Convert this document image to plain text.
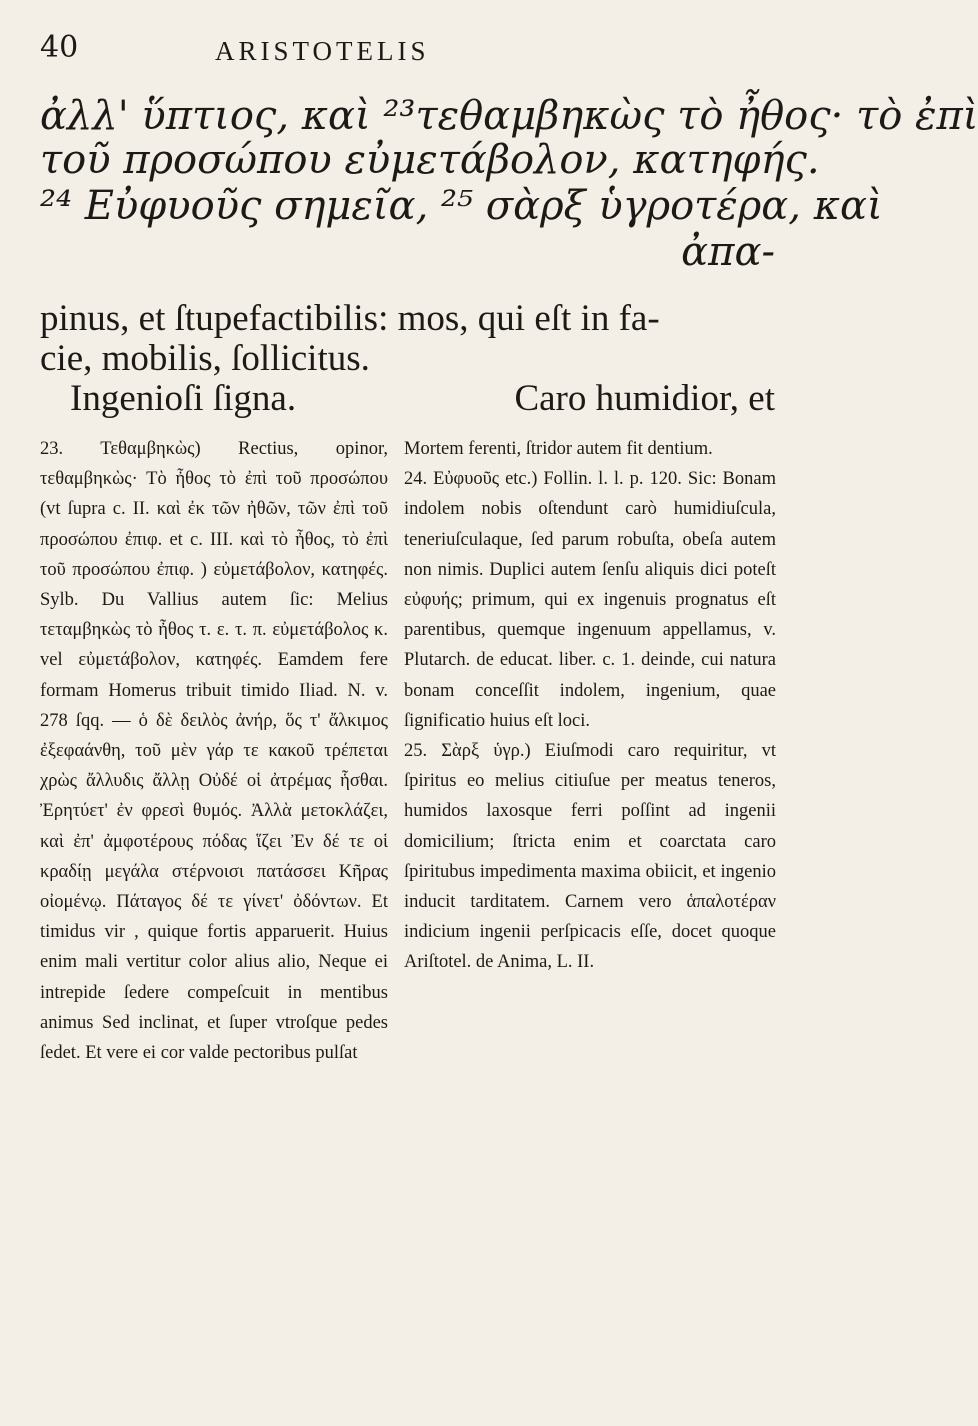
40	ARISTOTELIS
ἀλλ' ὕπτιος, καὶ ²³τεθαμβηκὼς τὸ ἦθος· τὸ ἐπὶ
τοῦ προσώπου εὐμετάβολον, κατηφής.
²⁴ Εὐφυοῦς σημεῖα, ²⁵ σὰρξ ὑγροτέρα, καὶ
ἀπα-
pinus, et ſtupefactibilis: mos, qui eſt in fa-
cie, mobilis, ſollicitus.
Ingenioſi ſigna.	Caro humidior, et

23. Τεθαμβηκὼς) Rectius, opinor, τεθαμβηκὼς· Τὸ ἦθος τὸ ἐπὶ τοῦ προσώπου (vt ſupra c. II. καὶ ἐκ τῶν ἠθῶν, τῶν ἐπὶ τοῦ προσώπου ἐπιφ. et c. III. καὶ τὸ ἦθος, τὸ ἐπὶ τοῦ προσώπου ἐπιφ. ) εὐμετάβολον, κατηφές. Sylb. Du Vallius autem ſic: Melius τεταμβηκὼς τὸ ἦθος τ. ε. τ. π. εὐμετάβολος κ. vel εὐμετάβολον, κατηφές. Eamdem fere formam Homerus tribuit timido Iliad. N. v. 278 ſqq. — ὁ δὲ δειλὸς ἀνήρ, ὅς τ' ἄλκιμος ἐξεφαάνθη, τοῦ μὲν γάρ τε κακοῦ τρέπεται χρὼς ἄλλυδις ἄλλῃ Οὐδέ οἱ ἀτρέμας ἧσθαι. Ἐρητύετ' ἐν φρεσὶ θυμός. Ἀλλὰ μετοκλάζει, καὶ ἐπ' ἀμφοτέρους πόδας ἵζει Ἐν δέ τε οἱ κραδίῃ μεγάλα στέρνοισι πατάσσει Κῆρας οἰομένῳ. Πάταγος δέ τε γίνετ' ὀδόντων. Et timidus vir , quique fortis apparuerit. Huius enim mali vertitur color alius alio, Neque ei intrepide ſedere compeſcuit in mentibus animus Sed inclinat, et ſuper vtroſque pedes ſedet. Et vere ei cor valde pectoribus pulſat

Mortem ferenti, ſtridor autem fit dentium.
24. Εὐφυοῦς etc.) Follin. l. l. p. 120. Sic: Bonam indolem nobis oſtendunt carò humidiuſcula, teneriuſculaque, ſed parum robuſta, obeſa autem non nimis. Duplici autem ſenſu aliquis dici poteſt εὐφυής; primum, qui ex ingenuis prognatus eſt parentibus, quemque ingenuum appellamus, v. Plutarch. de educat. liber. c. 1. deinde, cui natura bonam conceſſit indolem, ingenium, quae ſignificatio huius eſt loci.
25. Σὰρξ ὑγρ.) Eiuſmodi caro requiritur, vt ſpiritus eo melius citiuſue per meatus teneros, humidos laxosque ferri poſſint ad ingenii domicilium; ſtricta enim et coarctata caro ſpiritubus impedimenta maxima obiicit, et ingenio inducit tarditatem. Carnem vero ἁπαλοτέραν indicium ingenii perſpicacis eſſe, docet quoque Ariſtotel. de Anima, L. II.
